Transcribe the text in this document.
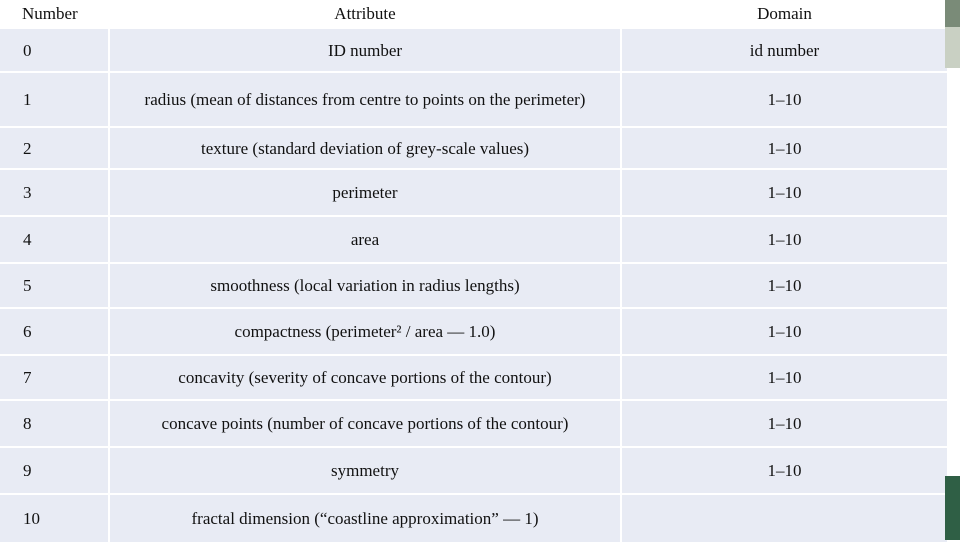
Number	Attribute	Domain
0	ID number	id number
1	radius (mean of distances from centre to points on the perimeter)	1–10
2	texture (standard deviation of grey-scale values)	1–10
3	perimeter	1–10
4	area	1–10
5	smoothness (local variation in radius lengths)	1–10
6	compactness (perimeter² / area — 1.0)	1–10
7	concavity (severity of concave portions of the contour)	1–10
8	concave points (number of concave portions of the contour)	1–10
9	symmetry	1–10
10	fractal dimension (“coastline approximation” — 1)
